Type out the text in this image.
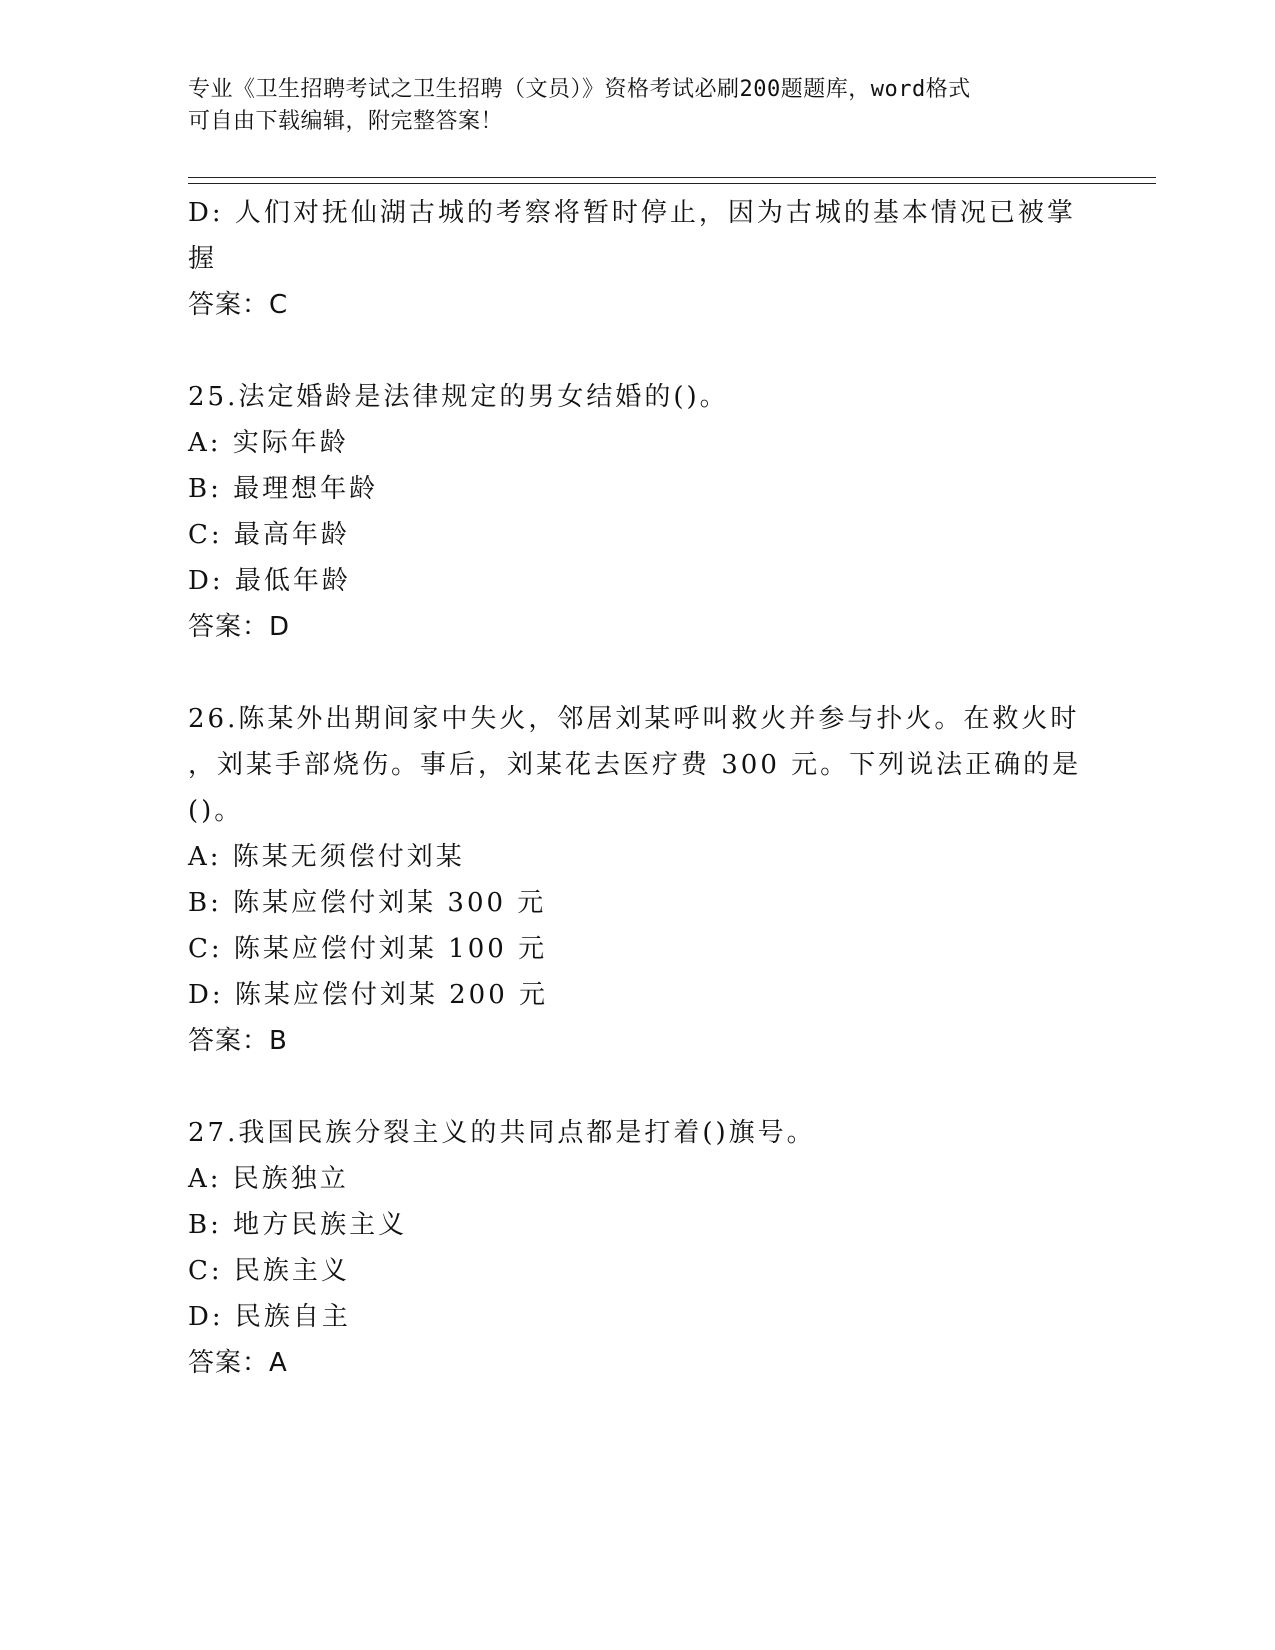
专业《卫生招聘考试之卫生招聘（文员）》资格考试必刷200题题库，word格式
可自由下载编辑，附完整答案！
D: 人们对抚仙湖古城的考察将暂时停止，因为古城的基本情况已被掌
握
答案：C
25.法定婚龄是法律规定的男女结婚的()。
A: 实际年龄
B: 最理想年龄
C: 最高年龄
D: 最低年龄
答案：D
26.陈某外出期间家中失火，邻居刘某呼叫救火并参与扑火。在救火时
，刘某手部烧伤。事后，刘某花去医疗费 300 元。下列说法正确的是
()。
A: 陈某无须偿付刘某
B: 陈某应偿付刘某 300 元
C: 陈某应偿付刘某 100 元
D: 陈某应偿付刘某 200 元
答案：B
27.我国民族分裂主义的共同点都是打着()旗号。
A: 民族独立
B: 地方民族主义
C: 民族主义
D: 民族自主
答案：A
